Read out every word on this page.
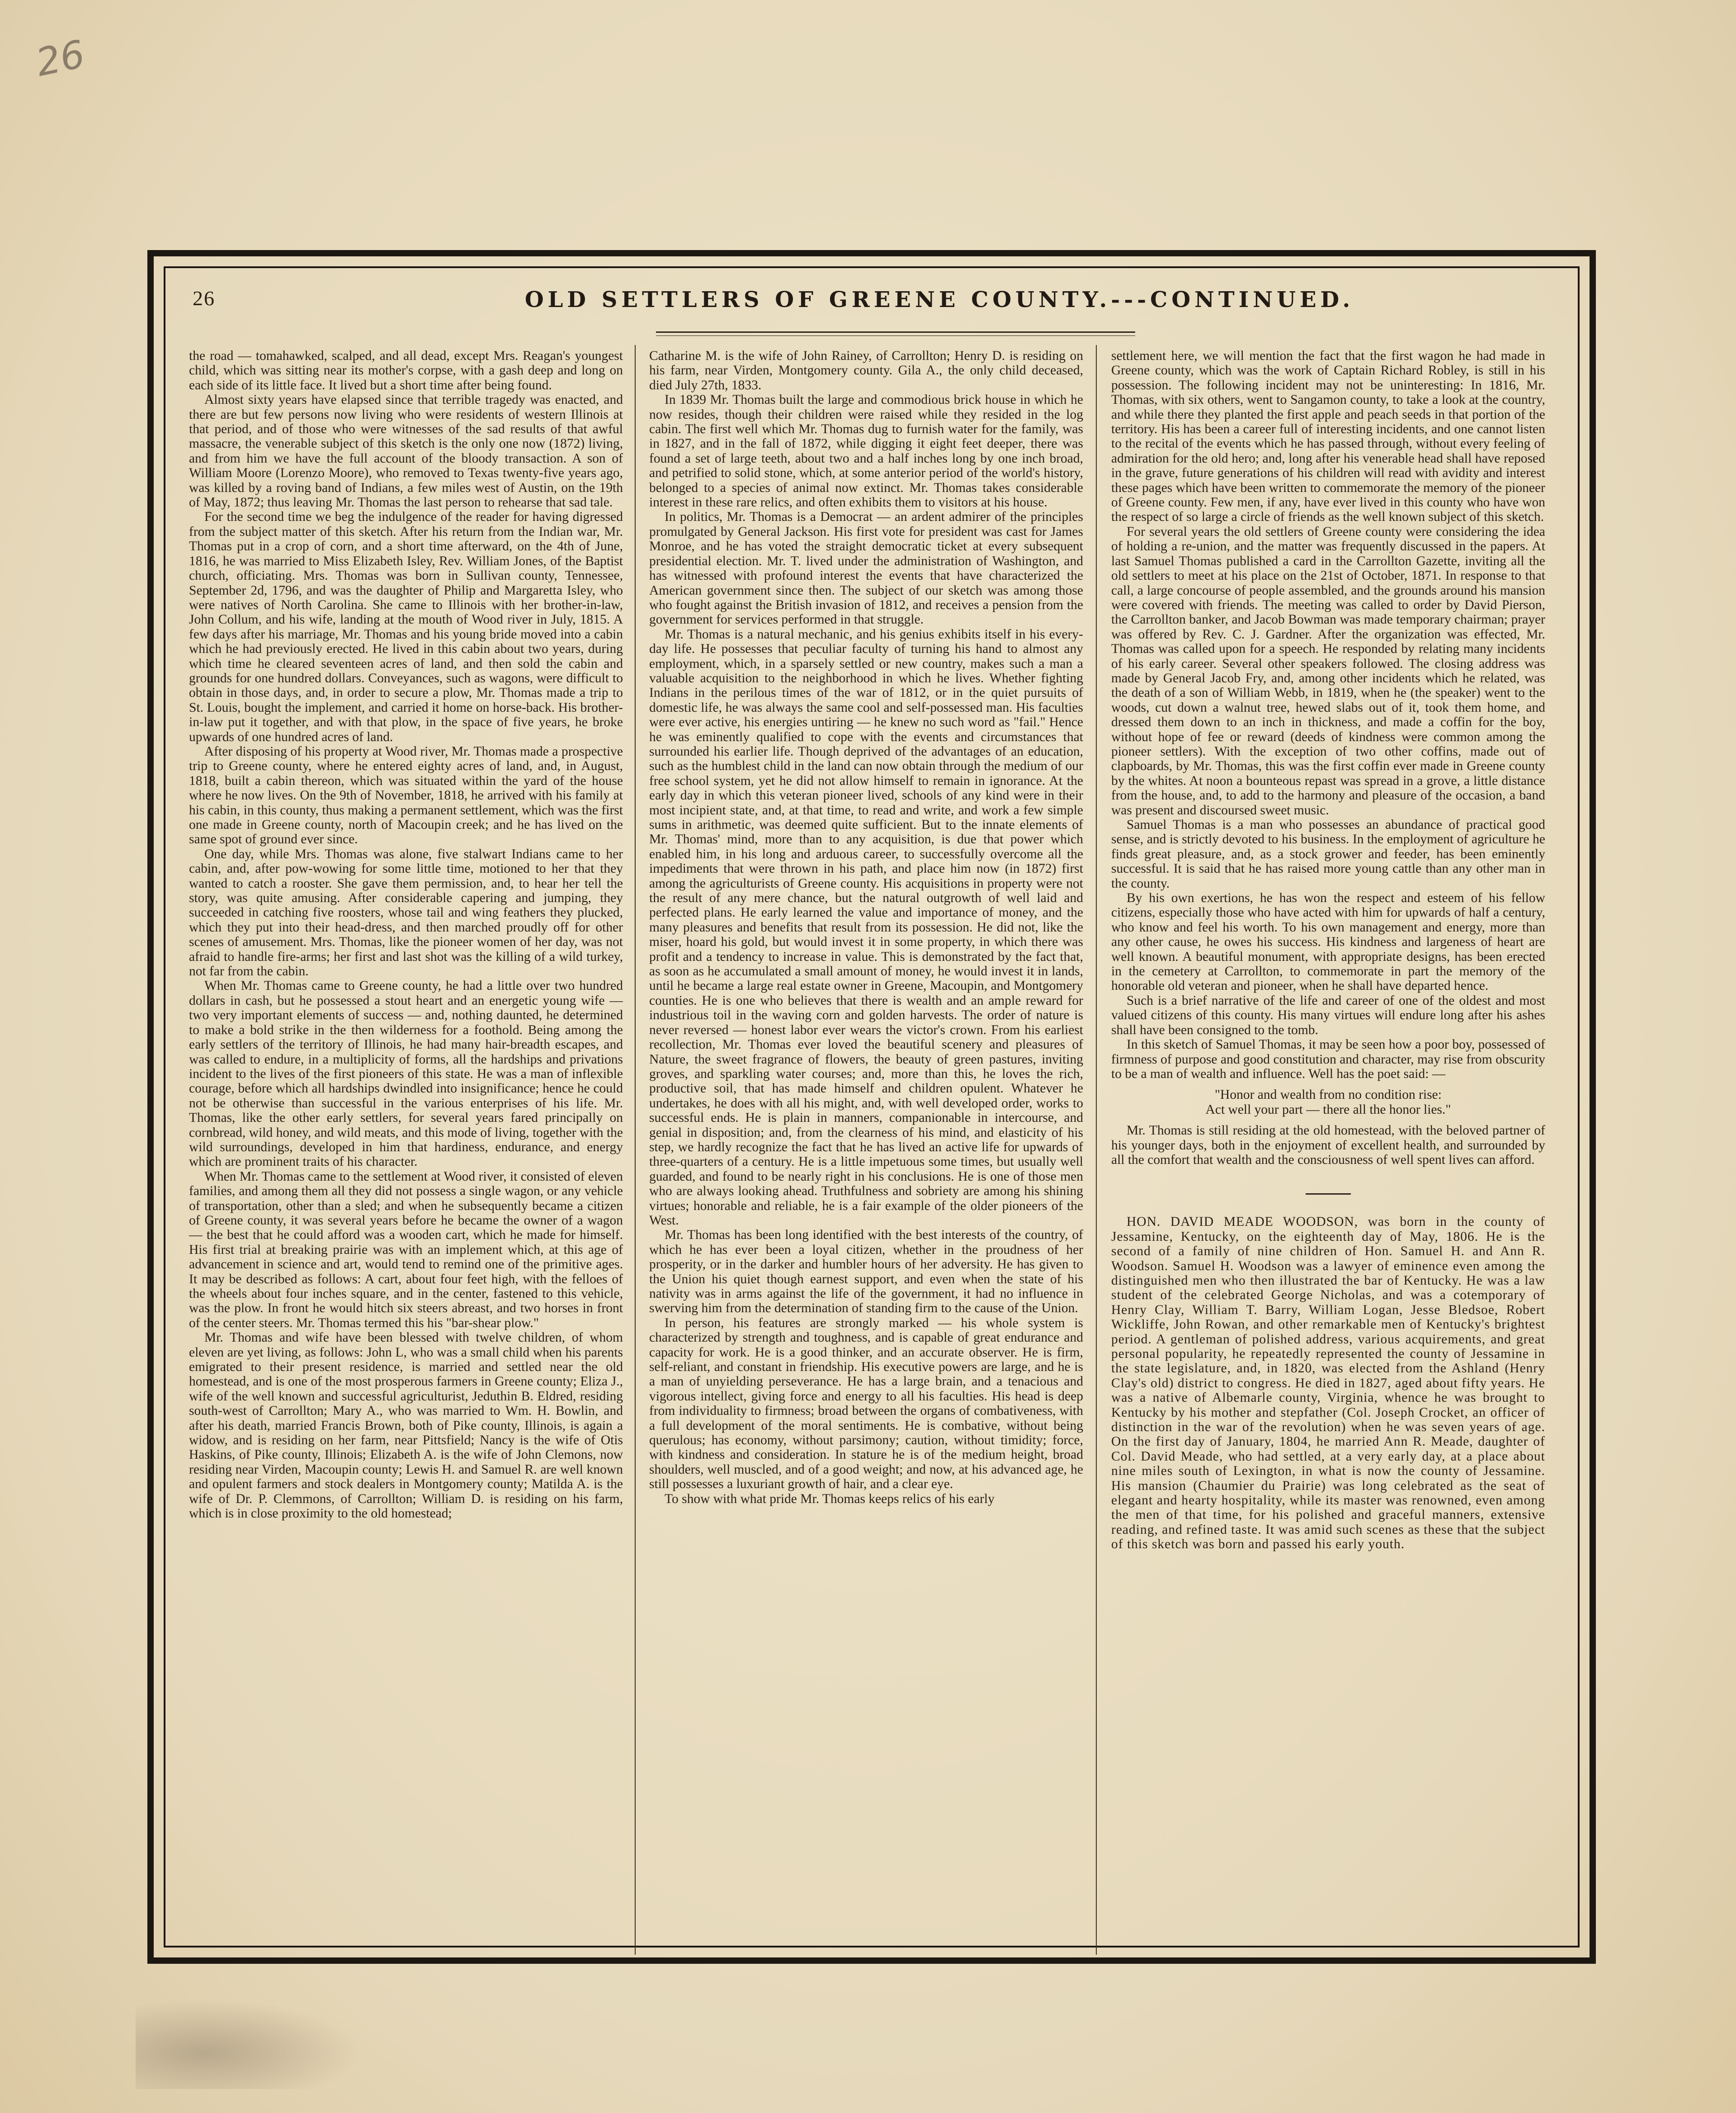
26
26	OLD SETTLERS OF GREENE COUNTY.---CONTINUED.

the road — tomahawked, scalped, and all dead, except Mrs. Reagan's youngest child, which was sitting near its mother's corpse, with a gash deep and long on each side of its little face. It lived but a short time after being found.

Almost sixty years have elapsed since that terrible tragedy was enacted, and there are but few persons now living who were residents of western Illinois at that period, and of those who were witnesses of the sad results of that awful massacre, the venerable subject of this sketch is the only one now (1872) living, and from him we have the full account of the bloody transaction. A son of William Moore (Lorenzo Moore), who removed to Texas twenty-five years ago, was killed by a roving band of Indians, a few miles west of Austin, on the 19th of May, 1872; thus leaving Mr. Thomas the last person to rehearse that sad tale.

For the second time we beg the indulgence of the reader for having digressed from the subject matter of this sketch. After his return from the Indian war, Mr. Thomas put in a crop of corn, and a short time afterward, on the 4th of June, 1816, he was married to Miss Elizabeth Isley, Rev. William Jones, of the Baptist church, officiating. Mrs. Thomas was born in Sullivan county, Tennessee, September 2d, 1796, and was the daughter of Philip and Margaretta Isley, who were natives of North Carolina. She came to Illinois with her brother-in-law, John Collum, and his wife, landing at the mouth of Wood river in July, 1815. A few days after his marriage, Mr. Thomas and his young bride moved into a cabin which he had previously erected. He lived in this cabin about two years, during which time he cleared seventeen acres of land, and then sold the cabin and grounds for one hundred dollars. Conveyances, such as wagons, were difficult to obtain in those days, and, in order to secure a plow, Mr. Thomas made a trip to St. Louis, bought the implement, and carried it home on horse-back. His brother-in-law put it together, and with that plow, in the space of five years, he broke upwards of one hundred acres of land.

After disposing of his property at Wood river, Mr. Thomas made a prospective trip to Greene county, where he entered eighty acres of land, and, in August, 1818, built a cabin thereon, which was situated within the yard of the house where he now lives. On the 9th of November, 1818, he arrived with his family at his cabin, in this county, thus making a permanent settlement, which was the first one made in Greene county, north of Macoupin creek; and he has lived on the same spot of ground ever since.

One day, while Mrs. Thomas was alone, five stalwart Indians came to her cabin, and, after pow-wowing for some little time, motioned to her that they wanted to catch a rooster. She gave them permission, and, to hear her tell the story, was quite amusing. After considerable capering and jumping, they succeeded in catching five roosters, whose tail and wing feathers they plucked, which they put into their head-dress, and then marched proudly off for other scenes of amusement. Mrs. Thomas, like the pioneer women of her day, was not afraid to handle fire-arms; her first and last shot was the killing of a wild turkey, not far from the cabin.

When Mr. Thomas came to Greene county, he had a little over two hundred dollars in cash, but he possessed a stout heart and an energetic young wife — two very important elements of success — and, nothing daunted, he determined to make a bold strike in the then wilderness for a foothold. Being among the early settlers of the territory of Illinois, he had many hair-breadth escapes, and was called to endure, in a multiplicity of forms, all the hardships and privations incident to the lives of the first pioneers of this state. He was a man of inflexible courage, before which all hardships dwindled into insignificance; hence he could not be otherwise than successful in the various enterprises of his life. Mr. Thomas, like the other early settlers, for several years fared principally on cornbread, wild honey, and wild meats, and this mode of living, together with the wild surroundings, developed in him that hardiness, endurance, and energy which are prominent traits of his character.

When Mr. Thomas came to the settlement at Wood river, it consisted of eleven families, and among them all they did not possess a single wagon, or any vehicle of transportation, other than a sled; and when he subsequently became a citizen of Greene county, it was several years before he became the owner of a wagon — the best that he could afford was a wooden cart, which he made for himself. His first trial at breaking prairie was with an implement which, at this age of advancement in science and art, would tend to remind one of the primitive ages. It may be described as follows: A cart, about four feet high, with the felloes of the wheels about four inches square, and in the center, fastened to this vehicle, was the plow. In front he would hitch six steers abreast, and two horses in front of the center steers. Mr. Thomas termed this his "bar-shear plow."

Mr. Thomas and wife have been blessed with twelve children, of whom eleven are yet living, as follows: John L, who was a small child when his parents emigrated to their present residence, is married and settled near the old homestead, and is one of the most prosperous farmers in Greene county; Eliza J., wife of the well known and successful agriculturist, Jeduthin B. Eldred, residing south-west of Carrollton; Mary A., who was married to Wm. H. Bowlin, and after his death, married Francis Brown, both of Pike county, Illinois, is again a widow, and is residing on her farm, near Pittsfield; Nancy is the wife of Otis Haskins, of Pike county, Illinois; Elizabeth A. is the wife of John Clemons, now residing near Virden, Macoupin county; Lewis H. and Samuel R. are well known and opulent farmers and stock dealers in Montgomery county; Matilda A. is the wife of Dr. P. Clemmons, of Carrollton; William D. is residing on his farm, which is in close proximity to the old homestead;

Catharine M. is the wife of John Rainey, of Carrollton; Henry D. is residing on his farm, near Virden, Montgomery county. Gila A., the only child deceased, died July 27th, 1833.

In 1839 Mr. Thomas built the large and commodious brick house in which he now resides, though their children were raised while they resided in the log cabin. The first well which Mr. Thomas dug to furnish water for the family, was in 1827, and in the fall of 1872, while digging it eight feet deeper, there was found a set of large teeth, about two and a half inches long by one inch broad, and petrified to solid stone, which, at some anterior period of the world's history, belonged to a species of animal now extinct. Mr. Thomas takes considerable interest in these rare relics, and often exhibits them to visitors at his house.

In politics, Mr. Thomas is a Democrat — an ardent admirer of the principles promulgated by General Jackson. His first vote for president was cast for James Monroe, and he has voted the straight democratic ticket at every subsequent presidential election. Mr. T. lived under the administration of Washington, and has witnessed with profound interest the events that have characterized the American government since then. The subject of our sketch was among those who fought against the British invasion of 1812, and receives a pension from the government for services performed in that struggle.

Mr. Thomas is a natural mechanic, and his genius exhibits itself in his every-day life. He possesses that peculiar faculty of turning his hand to almost any employment, which, in a sparsely settled or new country, makes such a man a valuable acquisition to the neighborhood in which he lives. Whether fighting Indians in the perilous times of the war of 1812, or in the quiet pursuits of domestic life, he was always the same cool and self-possessed man. His faculties were ever active, his energies untiring — he knew no such word as "fail." Hence he was eminently qualified to cope with the events and circumstances that surrounded his earlier life. Though deprived of the advantages of an education, such as the humblest child in the land can now obtain through the medium of our free school system, yet he did not allow himself to remain in ignorance. At the early day in which this veteran pioneer lived, schools of any kind were in their most incipient state, and, at that time, to read and write, and work a few simple sums in arithmetic, was deemed quite sufficient. But to the innate elements of Mr. Thomas' mind, more than to any acquisition, is due that power which enabled him, in his long and arduous career, to successfully overcome all the impediments that were thrown in his path, and place him now (in 1872) first among the agriculturists of Greene county. His acquisitions in property were not the result of any mere chance, but the natural outgrowth of well laid and perfected plans. He early learned the value and importance of money, and the many pleasures and benefits that result from its possession. He did not, like the miser, hoard his gold, but would invest it in some property, in which there was profit and a tendency to increase in value. This is demonstrated by the fact that, as soon as he accumulated a small amount of money, he would invest it in lands, until he became a large real estate owner in Greene, Macoupin, and Montgomery counties. He is one who believes that there is wealth and an ample reward for industrious toil in the waving corn and golden harvests. The order of nature is never reversed — honest labor ever wears the victor's crown. From his earliest recollection, Mr. Thomas ever loved the beautiful scenery and pleasures of Nature, the sweet fragrance of flowers, the beauty of green pastures, inviting groves, and sparkling water courses; and, more than this, he loves the rich, productive soil, that has made himself and children opulent. Whatever he undertakes, he does with all his might, and, with well developed order, works to successful ends. He is plain in manners, companionable in intercourse, and genial in disposition; and, from the clearness of his mind, and elasticity of his step, we hardly recognize the fact that he has lived an active life for upwards of three-quarters of a century. He is a little impetuous some times, but usually well guarded, and found to be nearly right in his conclusions. He is one of those men who are always looking ahead. Truthfulness and sobriety are among his shining virtues; honorable and reliable, he is a fair example of the older pioneers of the West.

Mr. Thomas has been long identified with the best interests of the country, of which he has ever been a loyal citizen, whether in the proudness of her prosperity, or in the darker and humbler hours of her adversity. He has given to the Union his quiet though earnest support, and even when the state of his nativity was in arms against the life of the government, it had no influence in swerving him from the determination of standing firm to the cause of the Union.

In person, his features are strongly marked — his whole system is characterized by strength and toughness, and is capable of great endurance and capacity for work. He is a good thinker, and an accurate observer. He is firm, self-reliant, and constant in friendship. His executive powers are large, and he is a man of unyielding perseverance. He has a large brain, and a tenacious and vigorous intellect, giving force and energy to all his faculties. His head is deep from individuality to firmness; broad between the organs of combativeness, with a full development of the moral sentiments. He is combative, without being querulous; has economy, without parsimony; caution, without timidity; force, with kindness and consideration. In stature he is of the medium height, broad shoulders, well muscled, and of a good weight; and now, at his advanced age, he still possesses a luxuriant growth of hair, and a clear eye.

To show with what pride Mr. Thomas keeps relics of his early

settlement here, we will mention the fact that the first wagon he had made in Greene county, which was the work of Captain Richard Robley, is still in his possession. The following incident may not be uninteresting: In 1816, Mr. Thomas, with six others, went to Sangamon county, to take a look at the country, and while there they planted the first apple and peach seeds in that portion of the territory. His has been a career full of interesting incidents, and one cannot listen to the recital of the events which he has passed through, without every feeling of admiration for the old hero; and, long after his venerable head shall have reposed in the grave, future generations of his children will read with avidity and interest these pages which have been written to commemorate the memory of the pioneer of Greene county. Few men, if any, have ever lived in this county who have won the respect of so large a circle of friends as the well known subject of this sketch.

For several years the old settlers of Greene county were considering the idea of holding a re-union, and the matter was frequently discussed in the papers. At last Samuel Thomas published a card in the Carrollton Gazette, inviting all the old settlers to meet at his place on the 21st of October, 1871. In response to that call, a large concourse of people assembled, and the grounds around his mansion were covered with friends. The meeting was called to order by David Pierson, the Carrollton banker, and Jacob Bowman was made temporary chairman; prayer was offered by Rev. C. J. Gardner. After the organization was effected, Mr. Thomas was called upon for a speech. He responded by relating many incidents of his early career. Several other speakers followed. The closing address was made by General Jacob Fry, and, among other incidents which he related, was the death of a son of William Webb, in 1819, when he (the speaker) went to the woods, cut down a walnut tree, hewed slabs out of it, took them home, and dressed them down to an inch in thickness, and made a coffin for the boy, without hope of fee or reward (deeds of kindness were common among the pioneer settlers). With the exception of two other coffins, made out of clapboards, by Mr. Thomas, this was the first coffin ever made in Greene county by the whites. At noon a bounteous repast was spread in a grove, a little distance from the house, and, to add to the harmony and pleasure of the occasion, a band was present and discoursed sweet music.

Samuel Thomas is a man who possesses an abundance of practical good sense, and is strictly devoted to his business. In the employment of agriculture he finds great pleasure, and, as a stock grower and feeder, has been eminently successful. It is said that he has raised more young cattle than any other man in the county.

By his own exertions, he has won the respect and esteem of his fellow citizens, especially those who have acted with him for upwards of half a century, who know and feel his worth. To his own management and energy, more than any other cause, he owes his success. His kindness and largeness of heart are well known. A beautiful monument, with appropriate designs, has been erected in the cemetery at Carrollton, to commemorate in part the memory of the honorable old veteran and pioneer, when he shall have departed hence.

Such is a brief narrative of the life and career of one of the oldest and most valued citizens of this county. His many virtues will endure long after his ashes shall have been consigned to the tomb.

In this sketch of Samuel Thomas, it may be seen how a poor boy, possessed of firmness of purpose and good constitution and character, may rise from obscurity to be a man of wealth and influence. Well has the poet said: —

"Honor and wealth from no condition rise:

Act well your part — there all the honor lies."

Mr. Thomas is still residing at the old homestead, with the beloved partner of his younger days, both in the enjoyment of excellent health, and surrounded by all the comfort that wealth and the consciousness of well spent lives can afford.

HON. DAVID MEADE WOODSON, was born in the county of Jessamine, Kentucky, on the eighteenth day of May, 1806. He is the second of a family of nine children of Hon. Samuel H. and Ann R. Woodson. Samuel H. Woodson was a lawyer of eminence even among the distinguished men who then illustrated the bar of Kentucky. He was a law student of the celebrated George Nicholas, and was a cotemporary of Henry Clay, William T. Barry, William Logan, Jesse Bledsoe, Robert Wickliffe, John Rowan, and other remarkable men of Kentucky's brightest period. A gentleman of polished address, various acquirements, and great personal popularity, he repeatedly represented the county of Jessamine in the state legislature, and, in 1820, was elected from the Ashland (Henry Clay's old) district to congress. He died in 1827, aged about fifty years. He was a native of Albemarle county, Virginia, whence he was brought to Kentucky by his mother and stepfather (Col. Joseph Crocket, an officer of distinction in the war of the revolution) when he was seven years of age. On the first day of January, 1804, he married Ann R. Meade, daughter of Col. David Meade, who had settled, at a very early day, at a place about nine miles south of Lexington, in what is now the county of Jessamine. His mansion (Chaumier du Prairie) was long celebrated as the seat of elegant and hearty hospitality, while its master was renowned, even among the men of that time, for his polished and graceful manners, extensive reading, and refined taste. It was amid such scenes as these that the subject of this sketch was born and passed his early youth.
